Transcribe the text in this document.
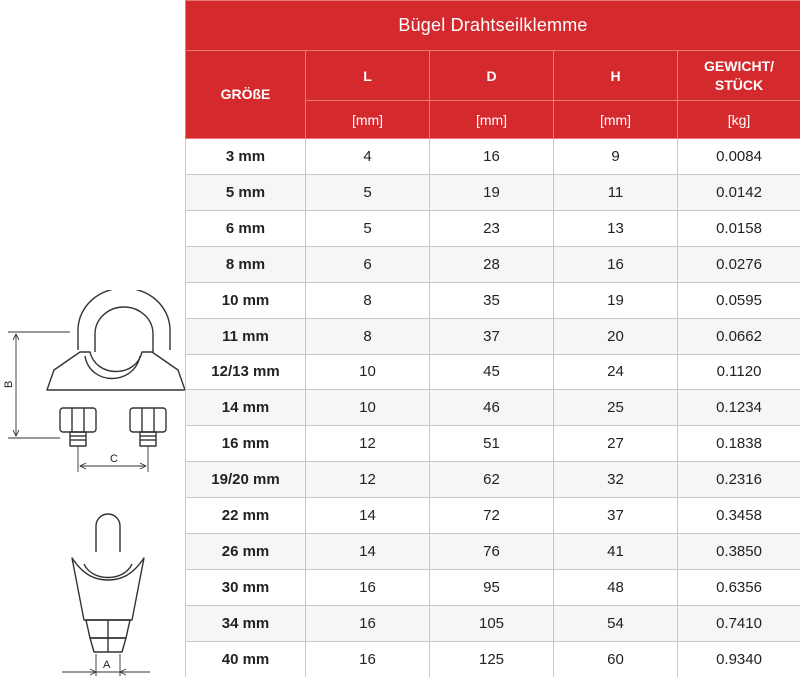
B
C
A
Bügel Drahtseilklemme				
GRÖßE	L	D	H	GEWICHT/
STÜCK

	[mm]	[mm]	[mm]	[kg]
3 mm	4	16	9	0.0084
5 mm	5	19	11	0.0142
6 mm	5	23	13	0.0158
8 mm	6	28	16	0.0276
10 mm	8	35	19	0.0595
11 mm	8	37	20	0.0662
12/13 mm	10	45	24	0.1120
14 mm	10	46	25	0.1234
16 mm	12	51	27	0.1838
19/20 mm	12	62	32	0.2316
22 mm	14	72	37	0.3458
26 mm	14	76	41	0.3850
30 mm	16	95	48	0.6356
34 mm	16	105	54	0.7410
40 mm	16	125	60	0.9340
